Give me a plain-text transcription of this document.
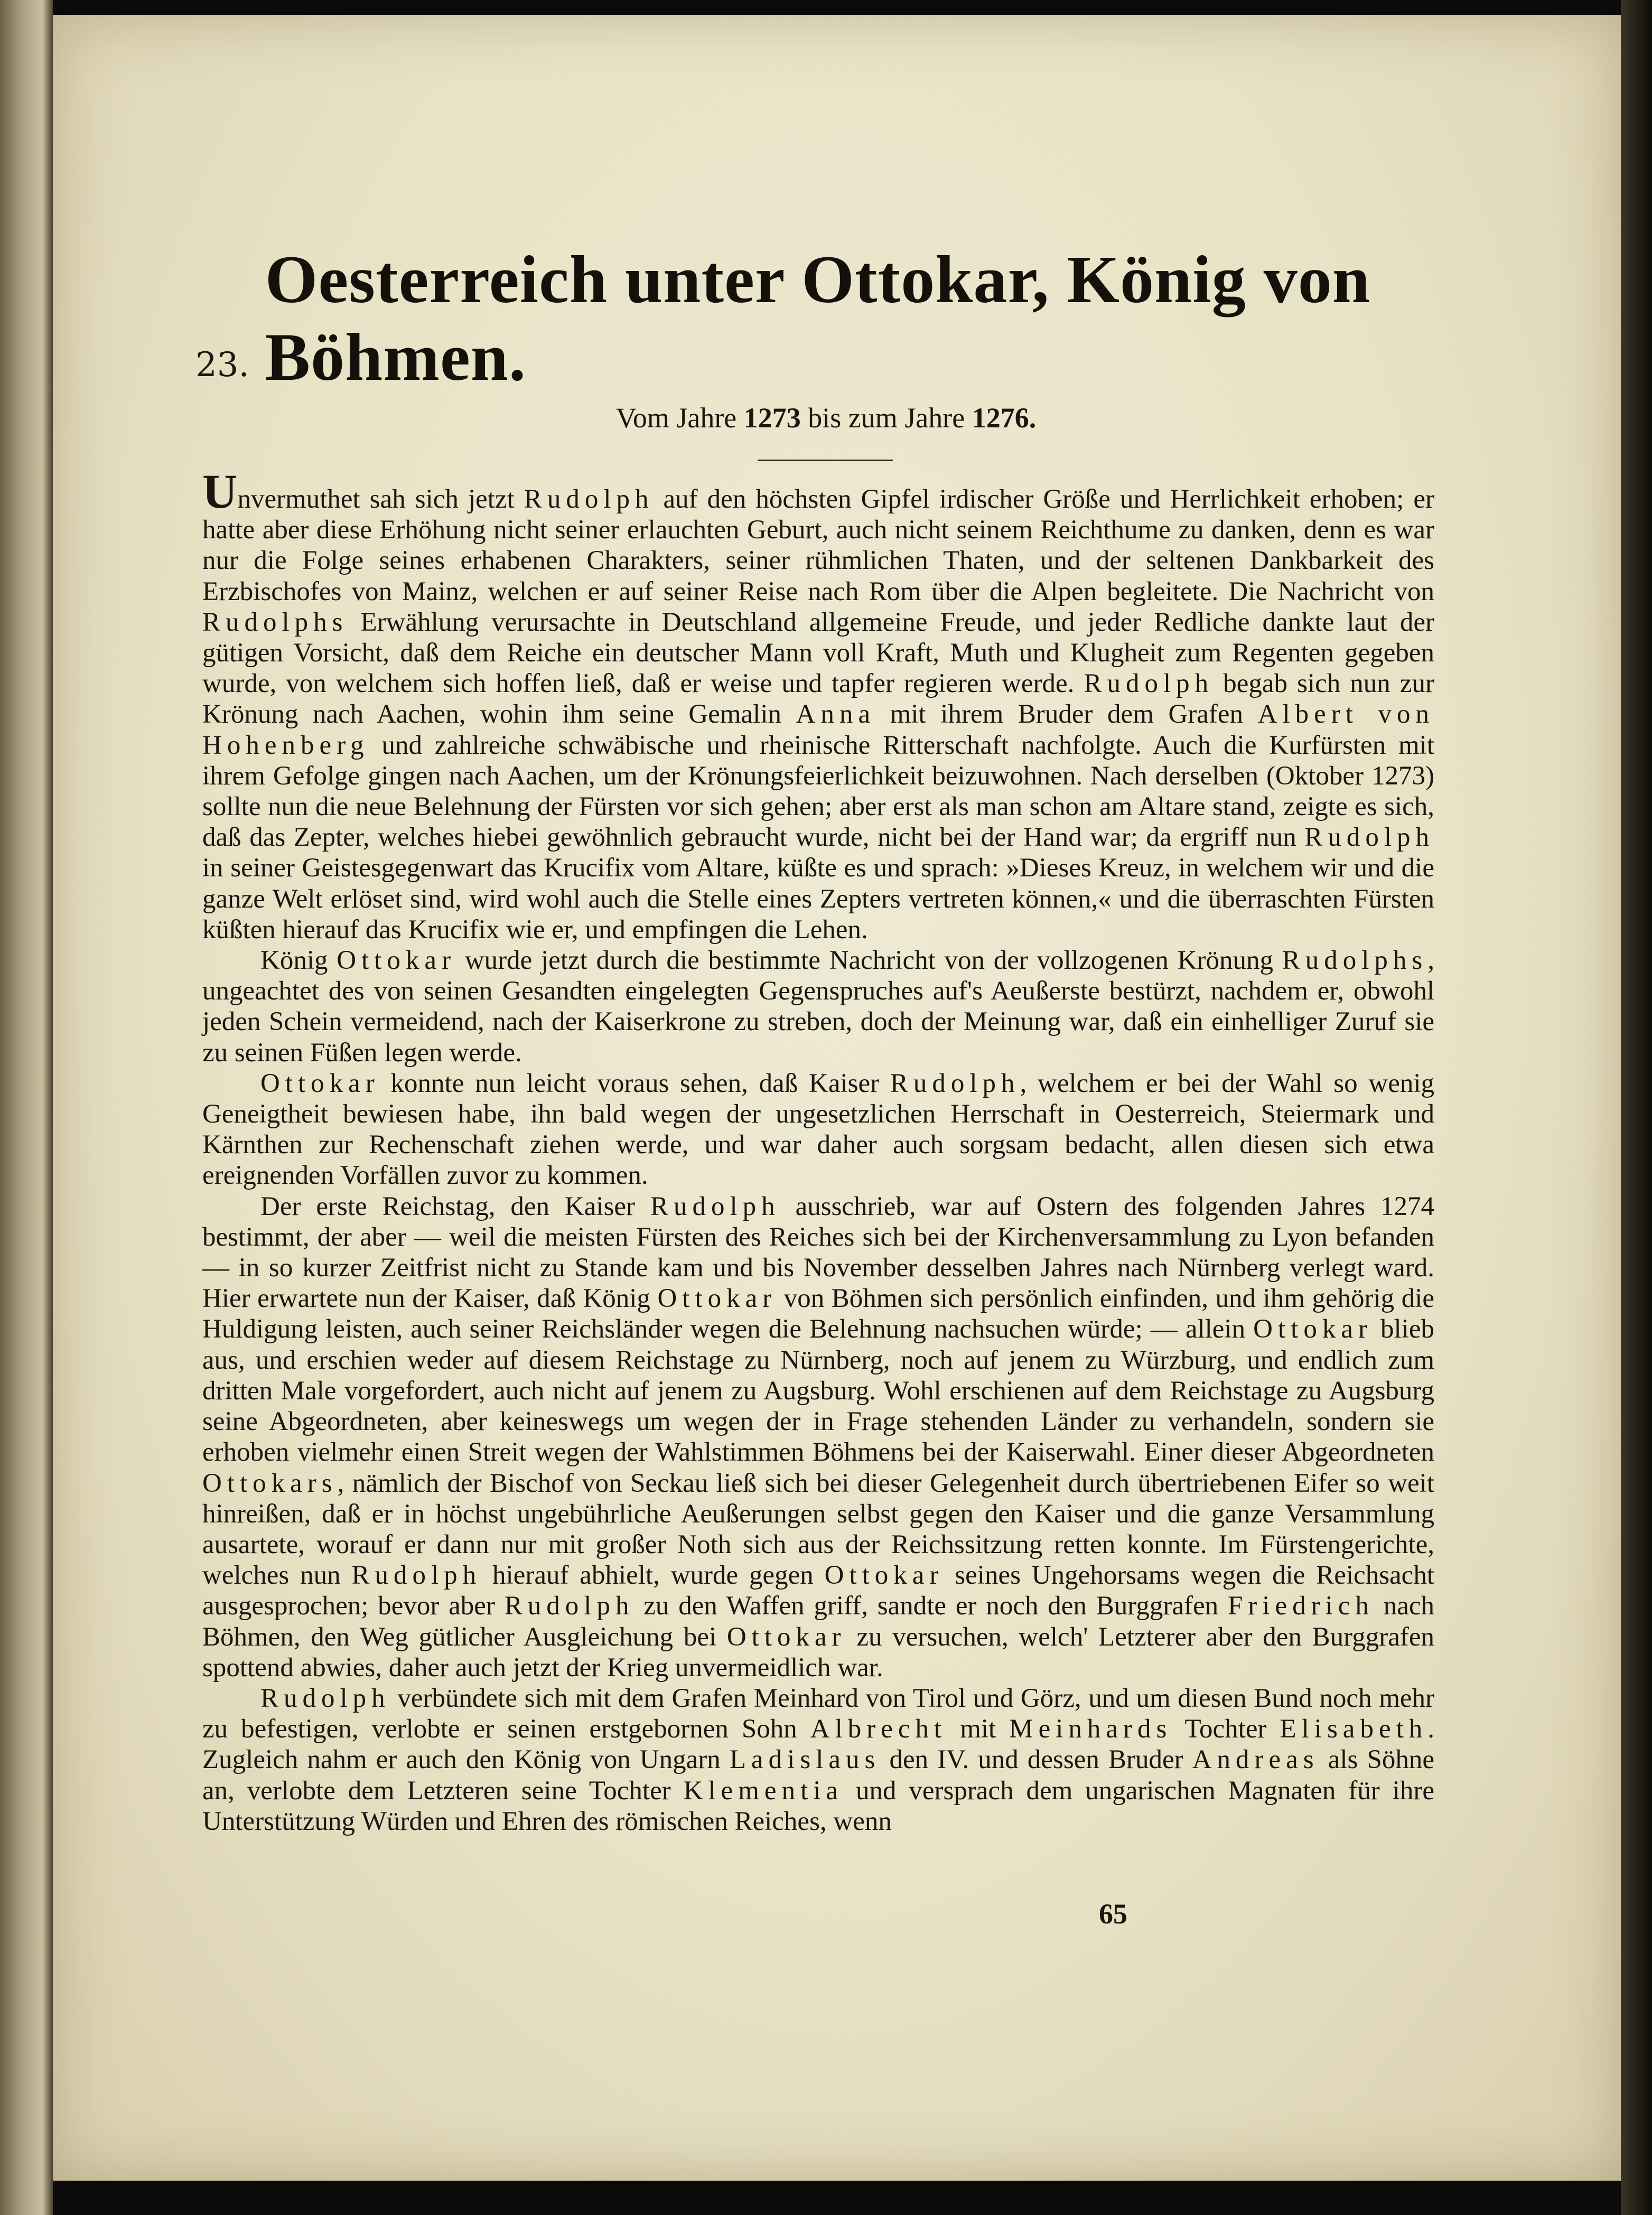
23.
Oesterreich unter Ottokar, König von Böhmen.
Vom Jahre 1273 bis zum Jahre 1276.

Unvermuthet sah sich jetzt Rudolph auf den höchsten Gipfel irdischer Größe und Herrlichkeit erhoben; er hatte aber diese Erhöhung nicht seiner erlauchten Geburt, auch nicht seinem Reichthume zu danken, denn es war nur die Folge seines erhabenen Charakters, seiner rühmlichen Thaten, und der seltenen Dankbarkeit des Erzbischofes von Mainz, welchen er auf seiner Reise nach Rom über die Alpen begleitete. Die Nachricht von Rudolphs Erwählung verursachte in Deutschland allgemeine Freude, und jeder Redliche dankte laut der gütigen Vorsicht, daß dem Reiche ein deutscher Mann voll Kraft, Muth und Klugheit zum Regenten gegeben wurde, von welchem sich hoffen ließ, daß er weise und tapfer regieren werde. Rudolph begab sich nun zur Krönung nach Aachen, wohin ihm seine Gemalin Anna mit ihrem Bruder dem Grafen Albert von Hohenberg und zahlreiche schwäbische und rheinische Ritterschaft nachfolgte. Auch die Kurfürsten mit ihrem Gefolge gingen nach Aachen, um der Krönungsfeierlichkeit beizuwohnen. Nach derselben (Oktober 1273) sollte nun die neue Belehnung der Fürsten vor sich gehen; aber erst als man schon am Altare stand, zeigte es sich, daß das Zepter, welches hiebei gewöhnlich gebraucht wurde, nicht bei der Hand war; da ergriff nun Rudolph in seiner Geistesgegenwart das Krucifix vom Altare, küßte es und sprach: »Dieses Kreuz, in welchem wir und die ganze Welt erlöset sind, wird wohl auch die Stelle eines Zepters vertreten können,« und die überraschten Fürsten küßten hierauf das Krucifix wie er, und empfingen die Lehen.

König Ottokar wurde jetzt durch die bestimmte Nachricht von der vollzogenen Krönung Rudolphs, ungeachtet des von seinen Gesandten eingelegten Gegenspruches auf's Aeußerste bestürzt, nachdem er, obwohl jeden Schein vermeidend, nach der Kaiserkrone zu streben, doch der Meinung war, daß ein einhelliger Zuruf sie zu seinen Füßen legen werde.

Ottokar konnte nun leicht voraus sehen, daß Kaiser Rudolph, welchem er bei der Wahl so wenig Geneigtheit bewiesen habe, ihn bald wegen der ungesetzlichen Herrschaft in Oesterreich, Steiermark und Kärnthen zur Rechenschaft ziehen werde, und war daher auch sorgsam bedacht, allen diesen sich etwa ereignenden Vorfällen zuvor zu kommen.

Der erste Reichstag, den Kaiser Rudolph ausschrieb, war auf Ostern des folgenden Jahres 1274 bestimmt, der aber — weil die meisten Fürsten des Reiches sich bei der Kirchenversammlung zu Lyon befanden — in so kurzer Zeitfrist nicht zu Stande kam und bis November desselben Jahres nach Nürnberg verlegt ward. Hier erwartete nun der Kaiser, daß König Ottokar von Böhmen sich persönlich einfinden, und ihm gehörig die Huldigung leisten, auch seiner Reichsländer wegen die Belehnung nachsuchen würde; — allein Ottokar blieb aus, und erschien weder auf diesem Reichstage zu Nürnberg, noch auf jenem zu Würzburg, und endlich zum dritten Male vorgefordert, auch nicht auf jenem zu Augsburg. Wohl erschienen auf dem Reichstage zu Augsburg seine Abgeordneten, aber keineswegs um wegen der in Frage stehenden Länder zu verhandeln, sondern sie erhoben vielmehr einen Streit wegen der Wahlstimmen Böhmens bei der Kaiserwahl. Einer dieser Abgeordneten Ottokars, nämlich der Bischof von Seckau ließ sich bei dieser Gelegenheit durch übertriebenen Eifer so weit hinreißen, daß er in höchst ungebührliche Aeußerungen selbst gegen den Kaiser und die ganze Versammlung ausartete, worauf er dann nur mit großer Noth sich aus der Reichssitzung retten konnte. Im Fürstengerichte, welches nun Rudolph hierauf abhielt, wurde gegen Ottokar seines Ungehorsams wegen die Reichsacht ausgesprochen; bevor aber Rudolph zu den Waffen griff, sandte er noch den Burggrafen Friedrich nach Böhmen, den Weg gütlicher Ausgleichung bei Ottokar zu versuchen, welch' Letzterer aber den Burggrafen spottend abwies, daher auch jetzt der Krieg unvermeidlich war.

Rudolph verbündete sich mit dem Grafen Meinhard von Tirol und Görz, und um diesen Bund noch mehr zu befestigen, verlobte er seinen erstgebornen Sohn Albrecht mit Meinhards Tochter Elisabeth. Zugleich nahm er auch den König von Ungarn Ladislaus den IV. und dessen Bruder Andreas als Söhne an, verlobte dem Letzteren seine Tochter Klementia und versprach dem ungarischen Magnaten für ihre Unterstützung Würden und Ehren des römischen Reiches, wenn

65
